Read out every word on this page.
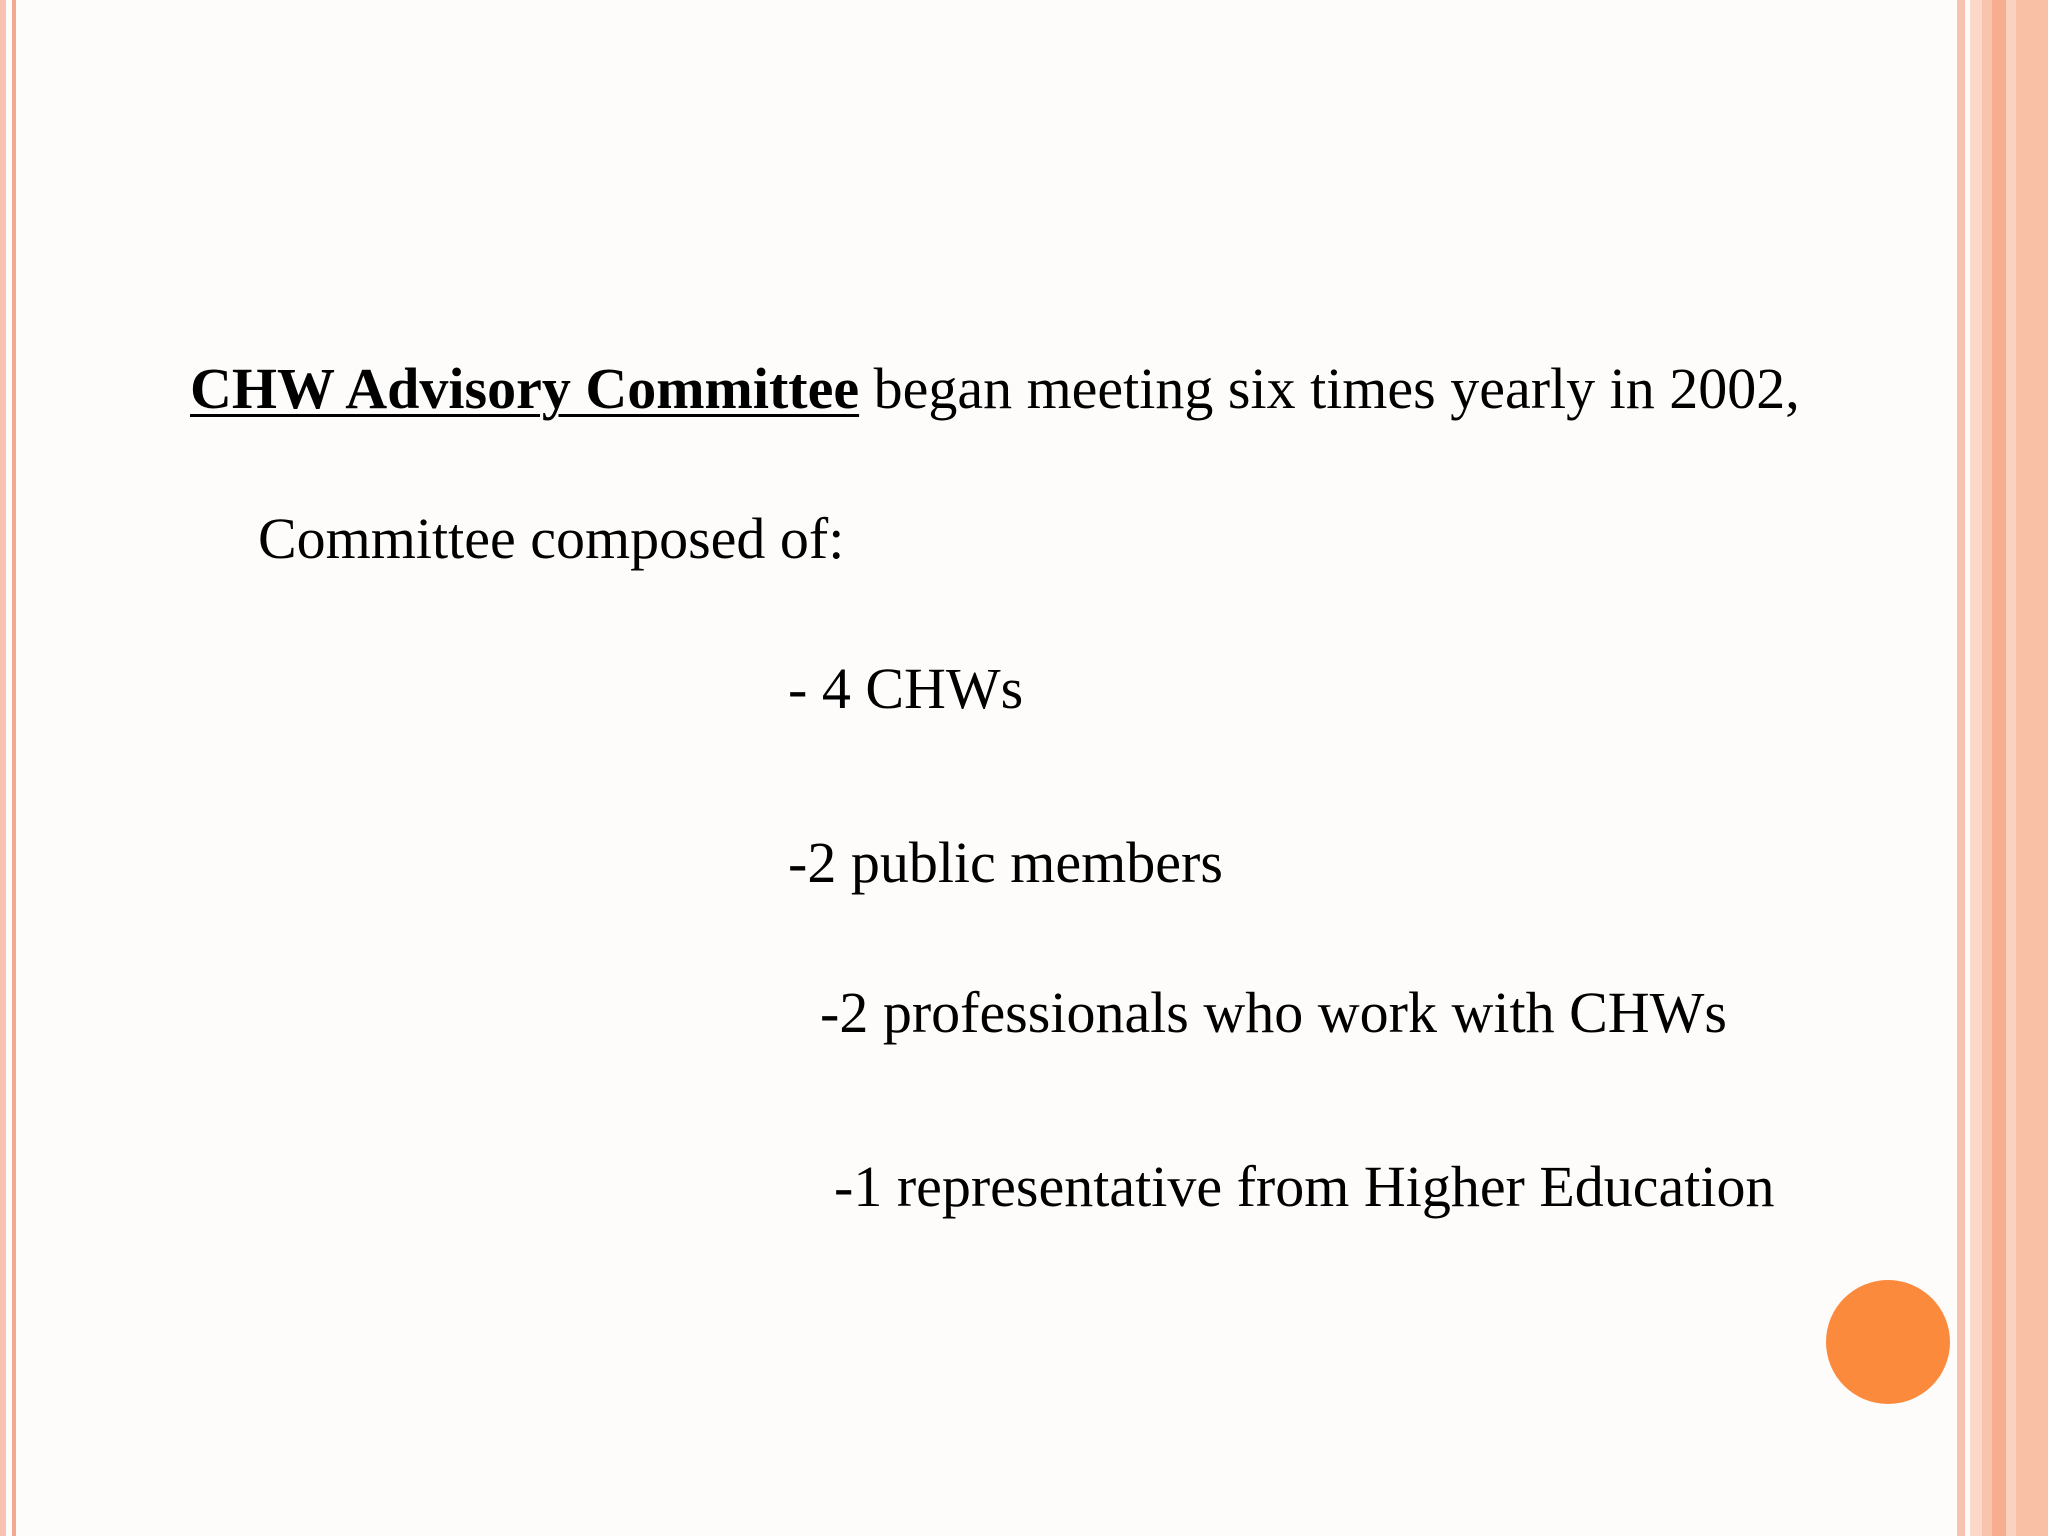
CHW Advisory Committee began meeting six times yearly in 2002,
Committee composed of:
- 4 CHWs
-2 public members
-2 professionals who work with CHWs
-1 representative from Higher Education
